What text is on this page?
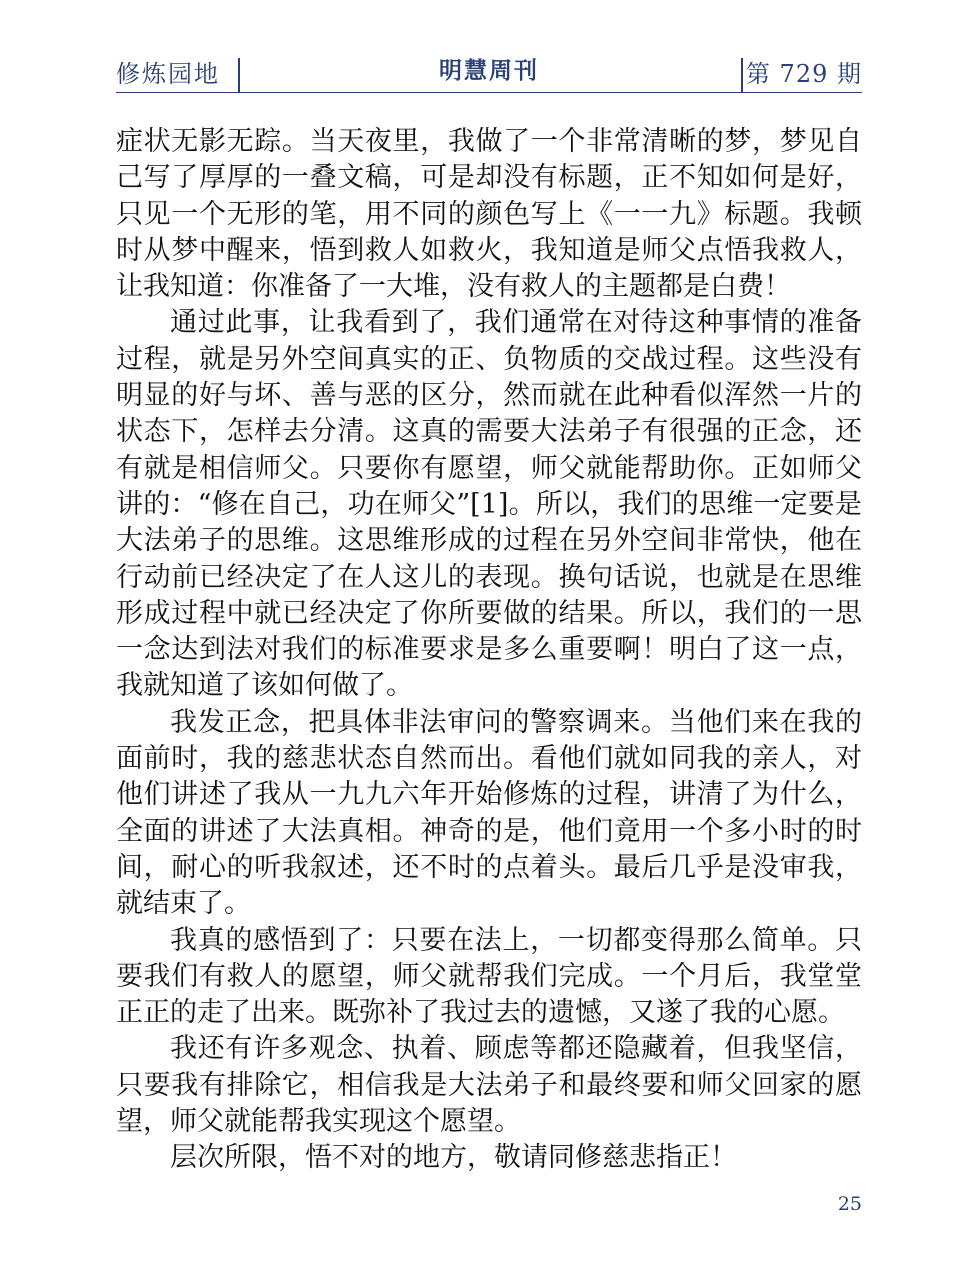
修炼园地	明慧周刊	第 729 期

症状无影无踪。当天夜里，我做了一个非常清晰的梦，梦见自己写了厚厚的一叠文稿，可是却没有标题，正不知如何是好，只见一个无形的笔，用不同的颜色写上《一一九》标题。我顿时从梦中醒来，悟到救人如救火，我知道是师父点悟我救人，让我知道：你准备了一大堆，没有救人的主题都是白费！

通过此事，让我看到了，我们通常在对待这种事情的准备过程，就是另外空间真实的正、负物质的交战过程。这些没有明显的好与坏、善与恶的区分，然而就在此种看似浑然一片的状态下，怎样去分清。这真的需要大法弟子有很强的正念，还有就是相信师父。只要你有愿望，师父就能帮助你。正如师父讲的：“修在自己，功在师父”[1]。所以，我们的思维一定要是大法弟子的思维。这思维形成的过程在另外空间非常快，他在行动前已经决定了在人这儿的表现。换句话说，也就是在思维形成过程中就已经决定了你所要做的结果。所以，我们的一思一念达到法对我们的标准要求是多么重要啊！明白了这一点，我就知道了该如何做了。

我发正念，把具体非法审问的警察调来。当他们来在我的面前时，我的慈悲状态自然而出。看他们就如同我的亲人，对他们讲述了我从一九九六年开始修炼的过程，讲清了为什么，全面的讲述了大法真相。神奇的是，他们竟用一个多小时的时间，耐心的听我叙述，还不时的点着头。最后几乎是没审我，就结束了。

我真的感悟到了：只要在法上，一切都变得那么简单。只要我们有救人的愿望，师父就帮我们完成。一个月后，我堂堂正正的走了出来。既弥补了我过去的遗憾，又遂了我的心愿。

我还有许多观念、执着、顾虑等都还隐藏着，但我坚信，只要我有排除它，相信我是大法弟子和最终要和师父回家的愿望，师父就能帮我实现这个愿望。

层次所限，悟不对的地方，敬请同修慈悲指正！

25
